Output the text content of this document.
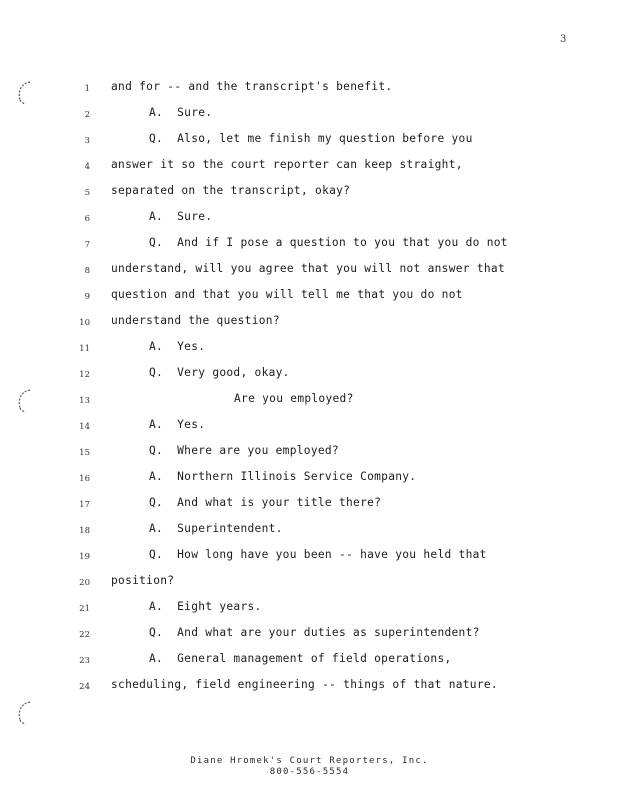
3
1 and for -- and the transcript's benefit.
2	A.  Sure.
3	Q.  Also, let me finish my question before you
4 answer it so the court reporter can keep straight,
5 separated on the transcript, okay?
6	A.  Sure.
7	Q.  And if I pose a question to you that you do not
8 understand, will you agree that you will not answer that
9 question and that you will tell me that you do not
10 understand the question?
11	A.  Yes.
12	Q.  Very good, okay.
13	Are you employed?
14	A.  Yes.
15	Q.  Where are you employed?
16	A.  Northern Illinois Service Company.
17	Q.  And what is your title there?
18	A.  Superintendent.
19	Q.  How long have you been -- have you held that
20 position?
21	A.  Eight years.
22	Q.  And what are your duties as superintendent?
23	A.  General management of field operations,
24 scheduling, field engineering -- things of that nature.
Diane Hromek's Court Reporters, Inc.
800-556-5554
